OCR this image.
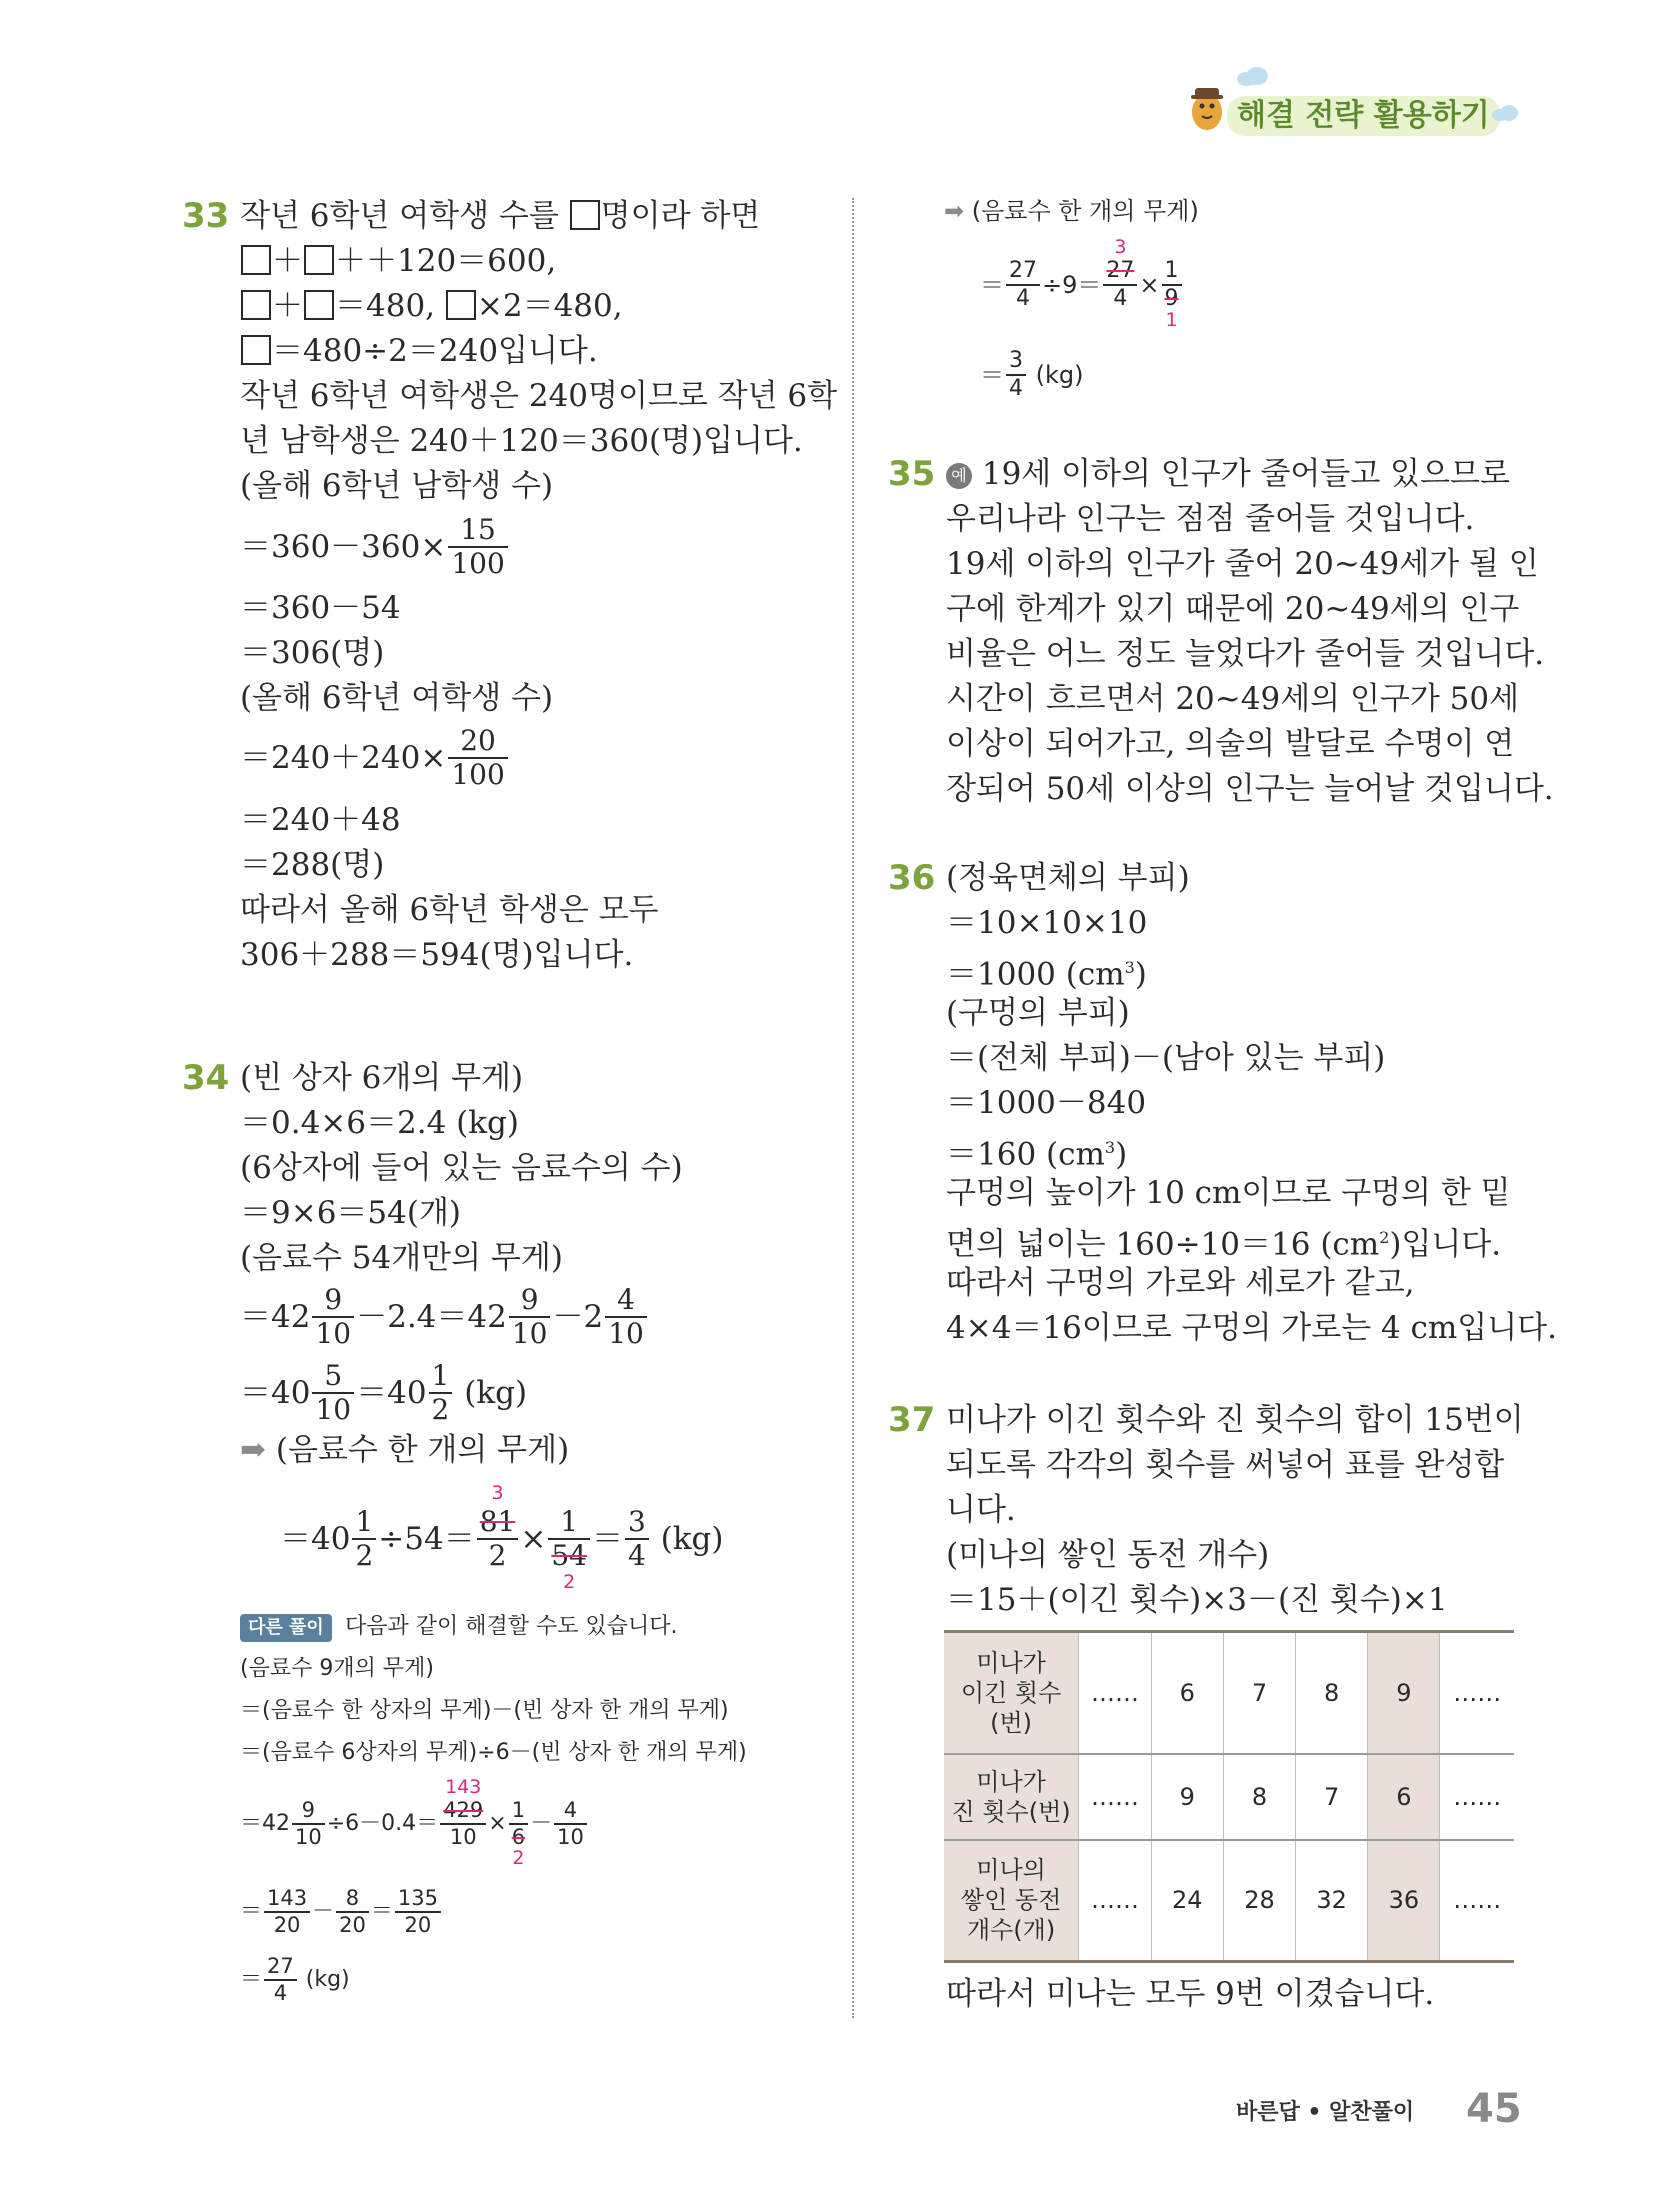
해결 전략 활용하기
33 작년 6학년 여학생 수를 명이라 하면
＋ ＋＋120＝600,
＋ ＝480, ×2＝480,
＝480÷2＝240입니다.
작년 6학년 여학생은 240명이므로 작년 6학
년 남학생은 240＋120＝360(명)입니다.
(올해 6학년 남학생 수)
$=360-360\times \frac{15}{100}$
＝360－54
＝306(명)
(올해 6학년 여학생 수)
$=240+240\times \frac{20}{100}$
＝240＋48
＝288(명)
따라서 올해 6학년 학생은 모두
306＋288＝594(명)입니다.
34 (빈 상자 6개의 무게)
＝0.4×6＝2.4 (kg)
(6상자에 들어 있는 음료수의 수)
＝9×6＝54(개)
(음료수 54개만의 무게)
$=42 \frac{9}{10} -2.4=42 \frac{9}{10} -2 \frac{4}{10}$
$=40 \frac{5}{10} =40 \frac{1}{2} (kg)$
➡ (음료수 한 개의 무게)
$=40 \frac{1}{2} \div 54=$
3
81
2 × 1
54
2
＝ $\frac{3}{4} (kg)$
다른 풀이 다음과 같이 해결할 수도 있습니다.
(음료수 9개의 무게)
＝(음료수 한 상자의 무게)－(빈 상자 한 개의 무게)
＝(음료수 6상자의 무게)÷6－(빈 상자 한 개의 무게)
$=42 \frac{9}{10} \div 6-0.4=$
143
429
10
×
1
6
2
－ $\frac{4}{10}$
＝ $\frac{143}{20} - \frac{8}{20} = \frac{135}{20}$
＝ $\frac{27}{4} (kg)$
➡ (음료수 한 개의 무게)
＝ $\frac{27}{4} \div 9=$
3
27
4 ×
1
9
1
＝ $\frac{3}{4} (kg)$
35 예 19세 이하의 인구가 줄어들고 있으므로
우리나라 인구는 점점 줄어들 것입니다.
19세 이하의 인구가 줄어 20~49세가 될 인
구에 한계가 있기 때문에 20~49세의 인구
비율은 어느 정도 늘었다가 줄어들 것입니다.
시간이 흐르면서 20~49세의 인구가 50세
이상이 되어가고, 의술의 발달로 수명이 연
장되어 50세 이상의 인구는 늘어날 것입니다.
36 (정육면체의 부피)
＝10×10×10
＝1000 $(cm^3)$
(구멍의 부피)
＝(전체 부피)－(남아 있는 부피)
＝1000－840
＝160 $(cm^3)$
구멍의 높이가 10 cm이므로 구멍의 한 밑
면의 넓이는 160÷10＝16 $(cm^2)$입니다.
따라서 구멍의 가로와 세로가 같고,
4×4＝16이므로 구멍의 가로는 4 cm입니다.
37 미나가 이긴 횟수와 진 횟수의 합이 15번이
되도록 각각의 횟수를 써넣어 표를 완성합
니다.
(미나의 쌓인 동전 개수)
＝15＋(이긴 횟수)×3－(진 횟수)×1
미나가
이긴 횟수
(번)	……	6	7	8	9	……

미나가
진 횟수(번)	……	9	8	7	6	……

미나의
쌓인 동전
개수(개)	……	24	28	32	36	……
따라서 미나는 모두 9번 이겼습니다.
바른답 • 알찬풀이 45
